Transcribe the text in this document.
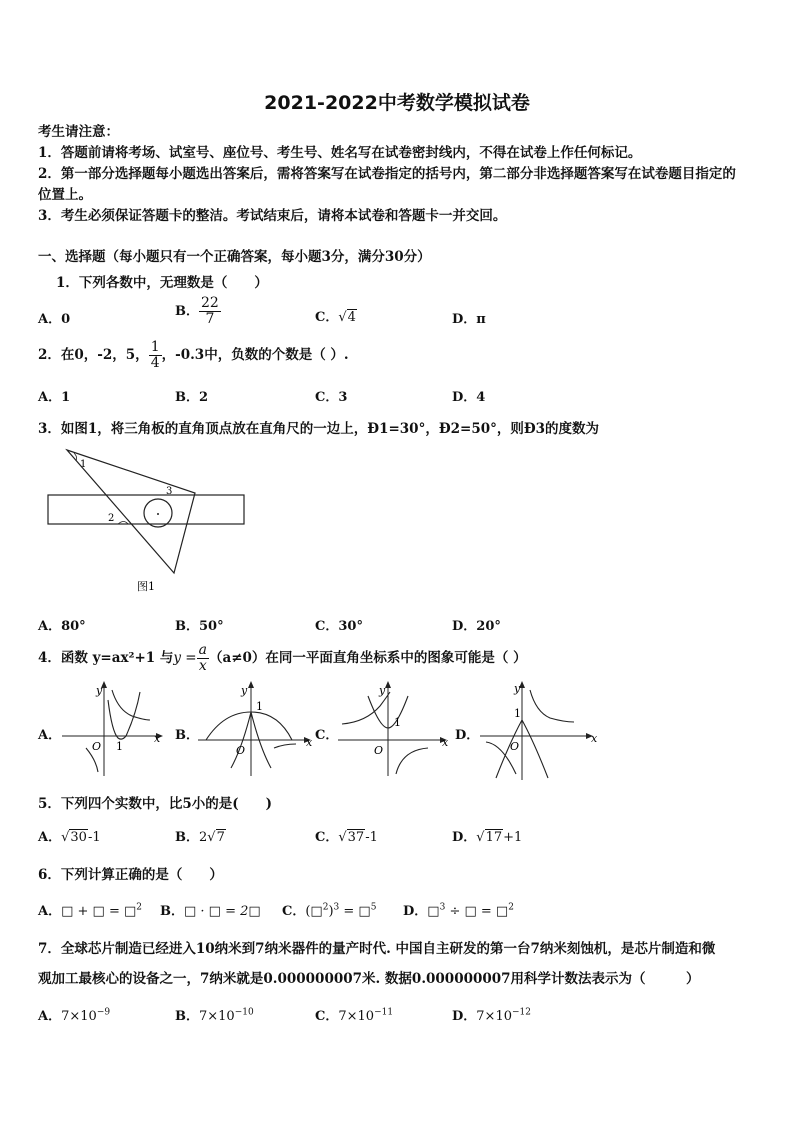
2021-2022中考数学模拟试卷
考生请注意：
1．答题前请将考场、试室号、座位号、考生号、姓名写在试卷密封线内，不得在试卷上作任何标记。
2．第一部分选择题每小题选出答案后，需将答案写在试卷指定的括号内，第二部分非选择题答案写在试卷题目指定的
位置上。
3．考生必须保证答题卡的整洁。考试结束后，请将本试卷和答题卡一并交回。
一、选择题（每小题只有一个正确答案，每小题3分，满分30分）
1．下列各数中，无理数是（　　）
A．0
B． $\frac{22}{7}$	C．√4	D．π
2．在0，-2，5， $\frac{1}{4}$ ，-0.3中，负数的个数是（ ）.
A．1	B．2	C．3	D．4
3．如图1，将三角板的直角顶点放在直角尺的一边上，Ð1=30°，Ð2=50°，则Ð3的度数为
1
2
3
图1
A．80°	B．50°	C．30°	D．20°
4．函数 y=ax²+1 与$y = \frac{a}{x} (a\ne 0)$在同一平面直角坐标系中的图象可能是（ ）
A．
y
x
O 1
B．
y
x
O
1
C．
y
x
O
1
D．
y
x
O
1
5．下列四个实数中，比5小的是(　　)
A．√30-1	B．2√7	C．√37-1	D．√17+1
6．下列计算正确的是（　　）
A．□ + □ = □$^2$ B．□ · □ = 2□ C．(□$^2$)$^3$ = □$^5$ D．□$^3$ ÷ □ = □$^2$
7．全球芯片制造已经进入10纳米到7纳米器件的量产时代. 中国自主研发的第一台7纳米刻蚀机，是芯片制造和微
观加工最核心的设备之一，7纳米就是0.000000007米. 数据0.000000007用科学计数法表示为（　　　）
A．$7\times 10^{-9}$	B．$7\times 10^{-10}$	C．$7\times 10^{-11}$	D．$7\times 10^{-12}$
